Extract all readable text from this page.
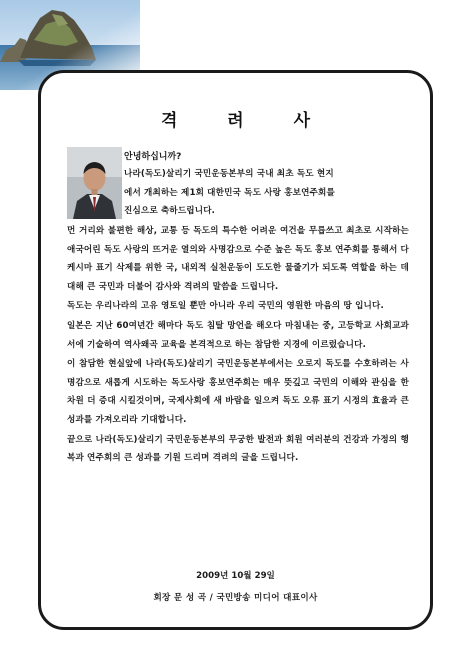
격 려 사
안녕하십니까?

나라(독도)살리기 국민운동본부의 국내 최초 독도 현지

에서 개최하는 제1회 대한민국 독도 사랑 홍보연주회를

진심으로 축하드립니다.

먼 거리와 불편한 해상, 교통 등 독도의 특수한 어려운 여건을 무릅쓰고 최초로 시작하는 애국어린 독도 사랑의 뜨거운 열의와 사명감으로 수준 높은 독도 홍보 연주회를 통해서 다케시마 표기 삭제를 위한 국, 내외적 실천운동이 도도한 물줄기가 되도록 역할을 하는 데 대해 큰 국민과 더불어 감사와 격려의 말씀을 드립니다.

독도는 우리나라의 고유 영토일 뿐만 아니라 우리 국민의 영원한 마음의 땅 입니다.

일본은 지난 60여년간 해마다 독도 침탈 망언을 해오다 마침내는 중, 고등학교 사회교과서에 기술하여 역사왜곡 교육을 본격적으로 하는 참담한 지경에 이르렀습니다.

이 참담한 현실앞에 나라(독도)살리기 국민운동본부에서는 오로지 독도를 수호하려는 사명감으로 새롭게 시도하는 독도사랑 홍보연주회는 매우 뜻깊고 국민의 이해와 관심을 한 차원 더 증대 시킬것이며, 국제사회에 새 바람을 일으켜 독도 오류 표기 시정의 효율과 큰 성과를 가져오리라 기대합니다.

끝으로 나라(독도)살리기 국민운동본부의 무궁한 발전과 회원 여러분의 건강과 가정의 행복과 연주회의 큰 성과를 기원 드리며 격려의 글을 드립니다.

2009년 10월 29일
회장 문 성 곡 / 국민방송 미디어 대표이사
